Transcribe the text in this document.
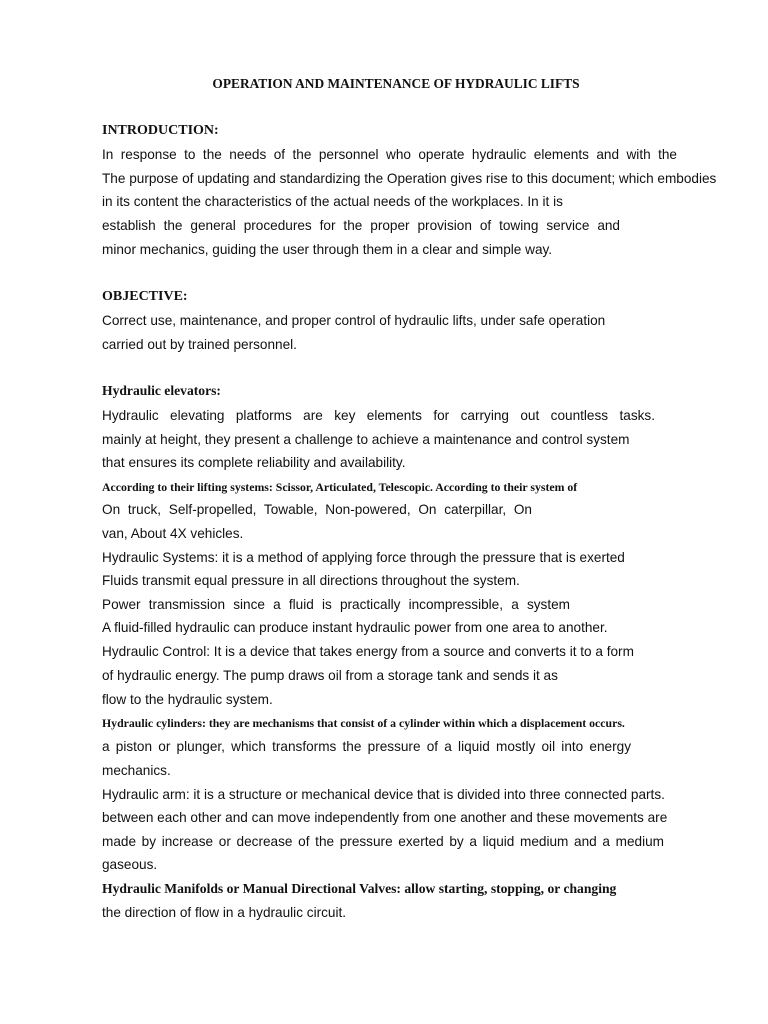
OPERATION AND MAINTENANCE OF HYDRAULIC LIFTS
INTRODUCTION:
In response to the needs of the personnel who operate hydraulic elements and with the
The purpose of updating and standardizing the Operation gives rise to this document; which embodies
in its content the characteristics of the actual needs of the workplaces. In it is
establish the general procedures for the proper provision of towing service and
minor mechanics, guiding the user through them in a clear and simple way.
OBJECTIVE:
Correct use, maintenance, and proper control of hydraulic lifts, under safe operation
carried out by trained personnel.
Hydraulic elevators:
Hydraulic elevating platforms are key elements for carrying out countless tasks.
mainly at height, they present a challenge to achieve a maintenance and control system
that ensures its complete reliability and availability.
According to their lifting systems: Scissor, Articulated, Telescopic. According to their system of
On truck, Self-propelled, Towable, Non-powered, On caterpillar, On
van, About 4X vehicles.
Hydraulic Systems: it is a method of applying force through the pressure that is exerted
Fluids transmit equal pressure in all directions throughout the system.
Power transmission since a fluid is practically incompressible, a system
A fluid-filled hydraulic can produce instant hydraulic power from one area to another.
Hydraulic Control: It is a device that takes energy from a source and converts it to a form
of hydraulic energy. The pump draws oil from a storage tank and sends it as
flow to the hydraulic system.
Hydraulic cylinders: they are mechanisms that consist of a cylinder within which a displacement occurs.
a piston or plunger, which transforms the pressure of a liquid mostly oil into energy
mechanics.
Hydraulic arm: it is a structure or mechanical device that is divided into three connected parts.
between each other and can move independently from one another and these movements are
made by increase or decrease of the pressure exerted by a liquid medium and a medium
gaseous.
Hydraulic Manifolds or Manual Directional Valves: allow starting, stopping, or changing
the direction of flow in a hydraulic circuit.
